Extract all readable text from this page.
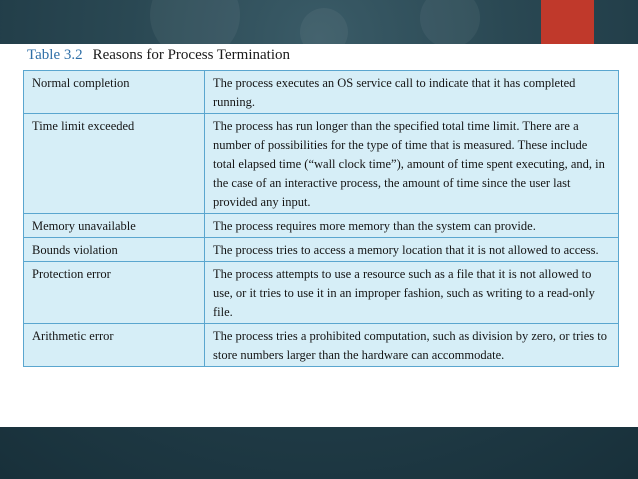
Table 3.2 Reasons for Process Termination
Normal completion	The process executes an OS service call to indicate that it has completed running.
Time limit exceeded	The process has run longer than the specified total time limit. There are a number of possibilities for the type of time that is measured. These include total elapsed time (“wall clock time”), amount of time spent executing, and, in the case of an interactive process, the amount of time since the user last provided any input.
Memory unavailable	The process requires more memory than the system can provide.
Bounds violation	The process tries to access a memory location that it is not allowed to access.
Protection error	The process attempts to use a resource such as a file that it is not allowed to use, or it tries to use it in an improper fashion, such as writing to a read-only file.
Arithmetic error	The process tries a prohibited computation, such as division by zero, or tries to store numbers larger than the hardware can accommodate.
